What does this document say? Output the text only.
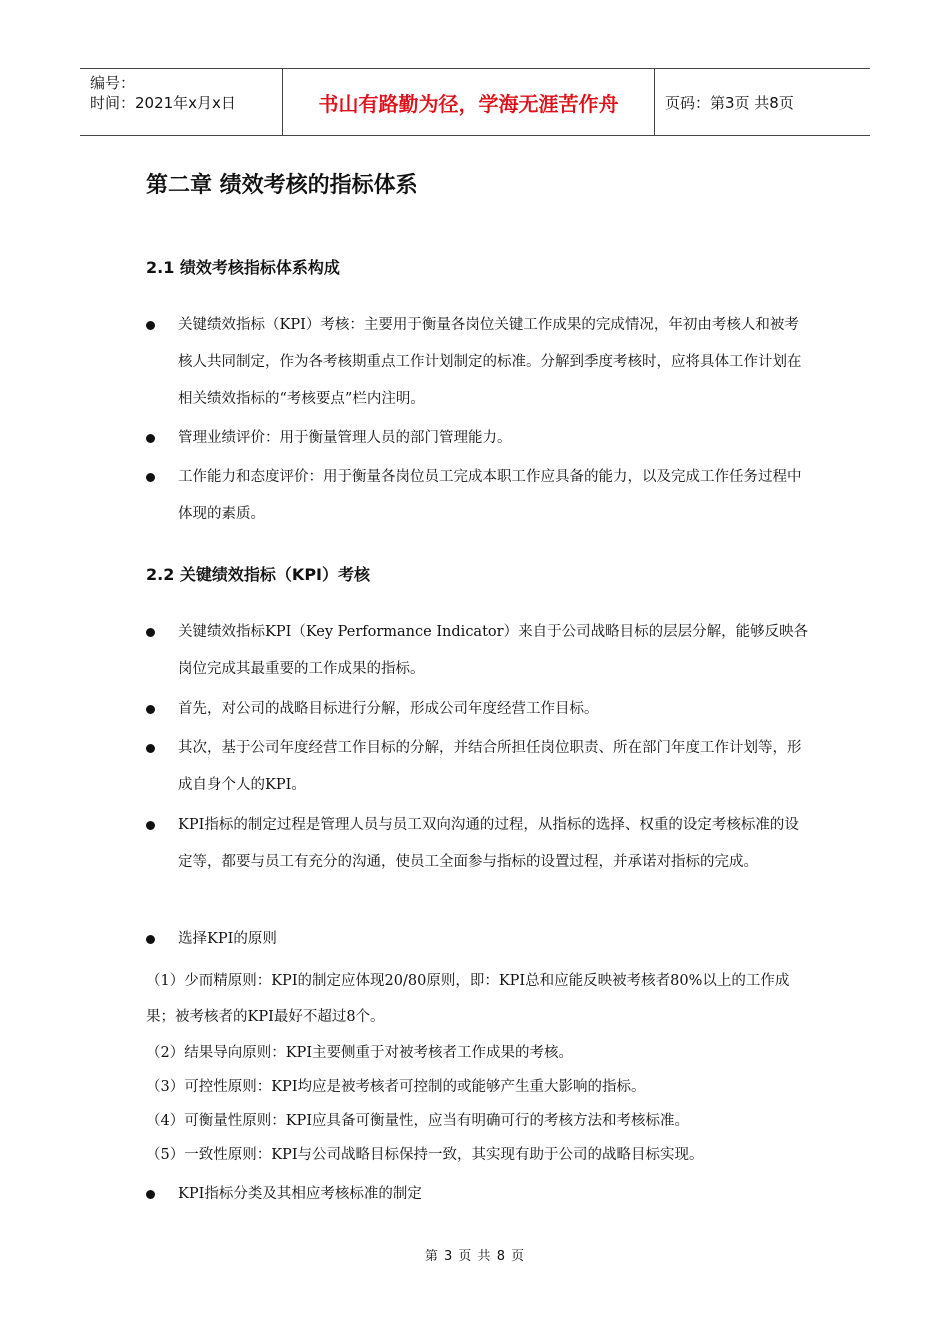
编号：
时间：2021年x月x日	书山有路勤为径，学海无涯苦作舟	页码：第3页 共8页
第二章 绩效考核的指标体系
2.1 绩效考核指标体系构成
关键绩效指标（KPI）考核：主要用于衡量各岗位关键工作成果的完成情况，年初由考核人和被考核人共同制定，作为各考核期重点工作计划制定的标准。分解到季度考核时，应将具体工作计划在相关绩效指标的“考核要点”栏内注明。
管理业绩评价：用于衡量管理人员的部门管理能力。
工作能力和态度评价：用于衡量各岗位员工完成本职工作应具备的能力，以及完成工作任务过程中体现的素质。
2.2 关键绩效指标（KPI）考核
关键绩效指标KPI（Key Performance Indicator）来自于公司战略目标的层层分解，能够反映各岗位完成其最重要的工作成果的指标。
首先，对公司的战略目标进行分解，形成公司年度经营工作目标。
其次，基于公司年度经营工作目标的分解，并结合所担任岗位职责、所在部门年度工作计划等，形成自身个人的KPI。
KPI指标的制定过程是管理人员与员工双向沟通的过程，从指标的选择、权重的设定考核标准的设定等，都要与员工有充分的沟通，使员工全面参与指标的设置过程，并承诺对指标的完成。
选择KPI的原则
（1）少而精原则：KPI的制定应体现20/80原则，即：KPI总和应能反映被考核者80%以上的工作成果；被考核者的KPI最好不超过8个。
（2）结果导向原则：KPI主要侧重于对被考核者工作成果的考核。
（3）可控性原则：KPI均应是被考核者可控制的或能够产生重大影响的指标。
（4）可衡量性原则：KPI应具备可衡量性，应当有明确可行的考核方法和考核标准。
（5）一致性原则：KPI与公司战略目标保持一致，其实现有助于公司的战略目标实现。
KPI指标分类及其相应考核标准的制定
第 3 页 共 8 页
